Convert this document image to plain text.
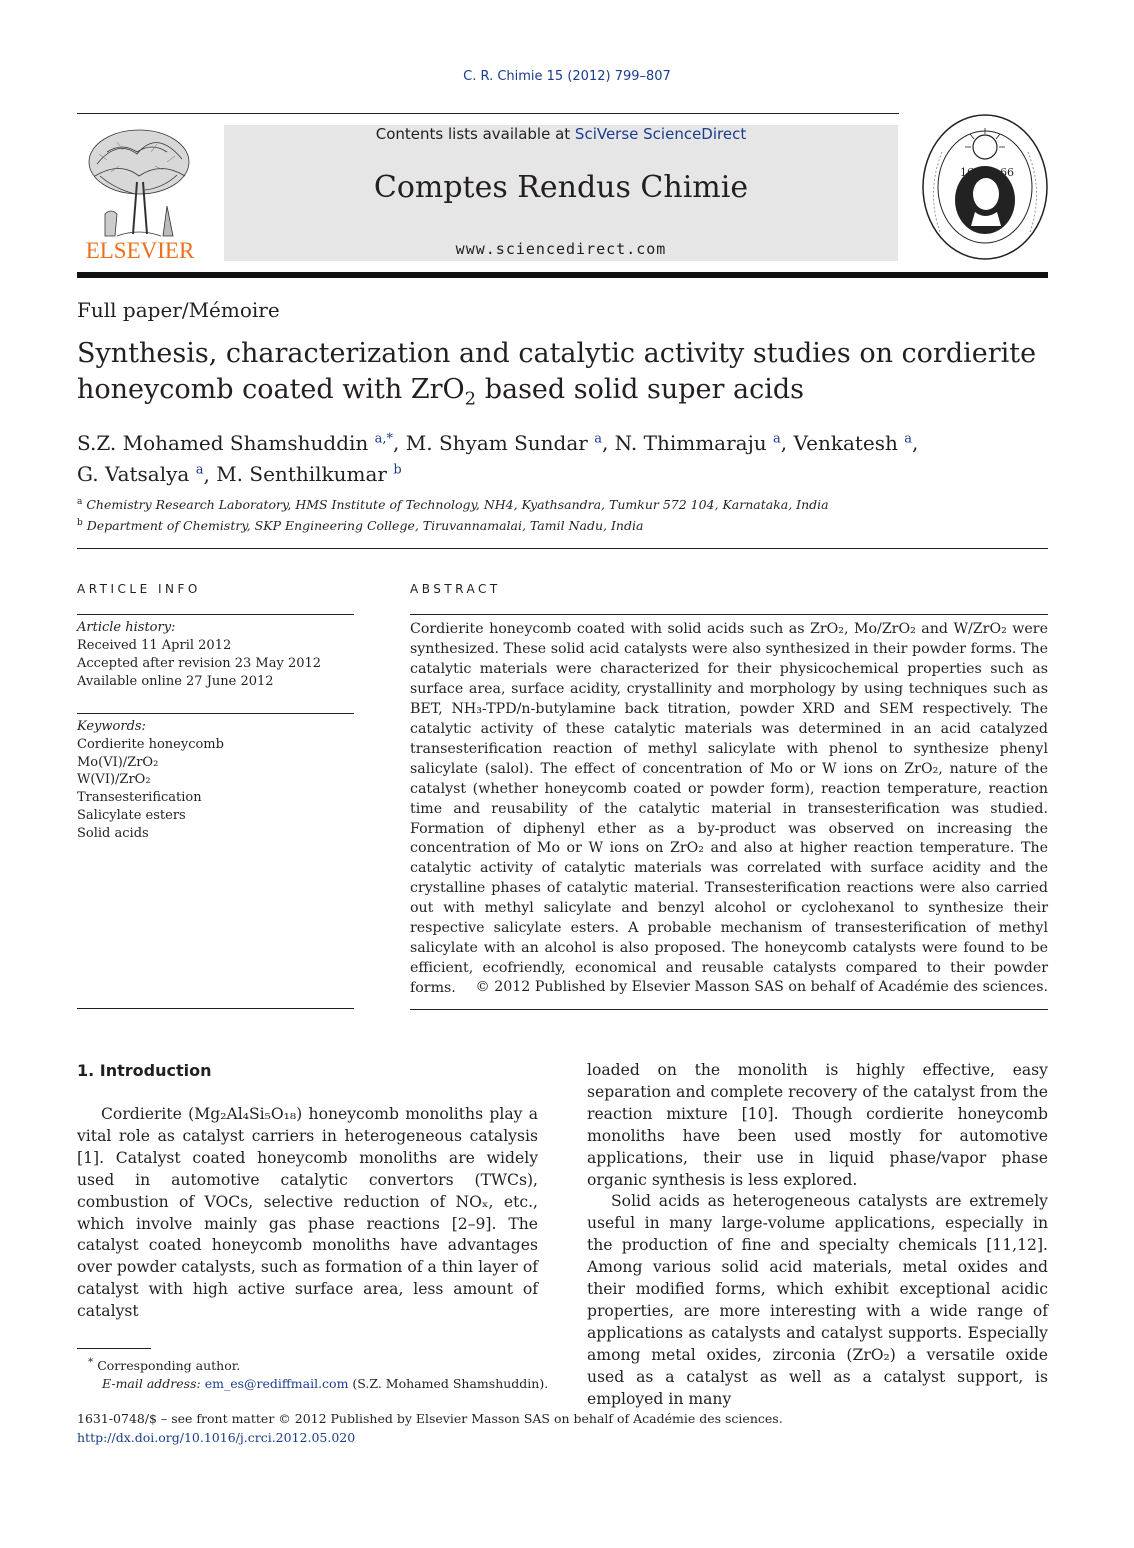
C. R. Chimie 15 (2012) 799–807
Contents lists available at SciVerse ScienceDirect
Comptes Rendus Chimie
www.sciencedirect.com
ELSEVIER
16 66
Full paper/Mémoire
Synthesis, characterization and catalytic activity studies on cordierite
honeycomb coated with ZrO$_2$ based solid super acids
S.Z. Mohamed Shamshuddin $^{a,*}$, M. Shyam Sundar $^a$, N. Thimmaraju $^a$, Venkatesh $^a$,
G. Vatsalya $^a$, M. Senthilkumar $^b$
$^a$ Chemistry Research Laboratory, HMS Institute of Technology, NH4, Kyathsandra, Tumkur 572 104, Karnataka, India
$^b$ Department of Chemistry, SKP Engineering College, Tiruvannamalai, Tamil Nadu, India
ARTICLE INFO
Article history:
Received 11 April 2012
Accepted after revision 23 May 2012
Available online 27 June 2012
Keywords:
Cordierite honeycomb
Mo(VI)/ZrO₂
W(VI)/ZrO₂
Transesterification
Salicylate esters
Solid acids
ABSTRACT
Cordierite honeycomb coated with solid acids such as ZrO₂, Mo/ZrO₂ and W/ZrO₂ were synthesized. These solid acid catalysts were also synthesized in their powder forms. The catalytic materials were characterized for their physicochemical properties such as surface area, surface acidity, crystallinity and morphology by using techniques such as BET, NH₃-TPD/n-butylamine back titration, powder XRD and SEM respectively. The catalytic activity of these catalytic materials was determined in an acid catalyzed transesterification reaction of methyl salicylate with phenol to synthesize phenyl salicylate (salol). The effect of concentration of Mo or W ions on ZrO₂, nature of the catalyst (whether honeycomb coated or powder form), reaction temperature, reaction time and reusability of the catalytic material in transesterification was studied. Formation of diphenyl ether as a by-product was observed on increasing the concentration of Mo or W ions on ZrO₂ and also at higher reaction temperature. The catalytic activity of catalytic materials was correlated with surface acidity and the crystalline phases of catalytic material. Transesterification reactions were also carried out with methyl salicylate and benzyl alcohol or cyclohexanol to synthesize their respective salicylate esters. A probable mechanism of transesterification of methyl salicylate with an alcohol is also proposed. The honeycomb catalysts were found to be efficient, ecofriendly, economical and reusable catalysts compared to their powder forms.	© 2012 Published by Elsevier Masson SAS on behalf of Académie des sciences.
1. Introduction

Cordierite (Mg₂Al₄Si₅O₁₈) honeycomb monoliths play a vital role as catalyst carriers in heterogeneous catalysis [1]. Catalyst coated honeycomb monoliths are widely used in automotive catalytic convertors (TWCs), combustion of VOCs, selective reduction of NOₓ, etc., which involve mainly gas phase reactions [2–9]. The catalyst coated honeycomb monoliths have advantages over powder catalysts, such as formation of a thin layer of catalyst with high active surface area, less amount of catalyst

loaded on the monolith is highly effective, easy separation and complete recovery of the catalyst from the reaction mixture [10]. Though cordierite honeycomb monoliths have been used mostly for automotive applications, their use in liquid phase/vapor phase organic synthesis is less explored.

Solid acids as heterogeneous catalysts are extremely useful in many large-volume applications, especially in the production of fine and specialty chemicals [11,12]. Among various solid acid materials, metal oxides and their modified forms, which exhibit exceptional acidic properties, are more interesting with a wide range of applications as catalysts and catalyst supports. Especially among metal oxides, zirconia (ZrO₂) a versatile oxide used as a catalyst as well as a catalyst support, is employed in many

* Corresponding author.
E-mail address: em_es@rediffmail.com (S.Z. Mohamed Shamshuddin).
1631-0748/$ – see front matter © 2012 Published by Elsevier Masson SAS on behalf of Académie des sciences.
http://dx.doi.org/10.1016/j.crci.2012.05.020
